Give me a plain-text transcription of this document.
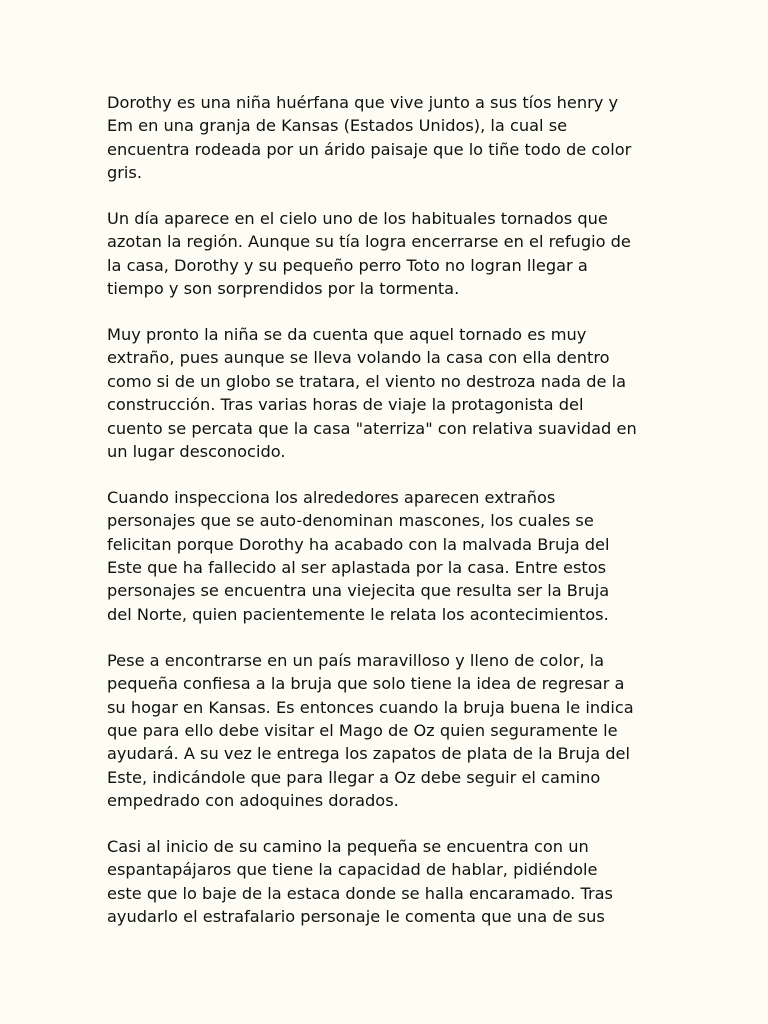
Dorothy es una niña huérfana que vive junto a sus tíos henry y
Em en una granja de Kansas (Estados Unidos), la cual se
encuentra rodeada por un árido paisaje que lo tiñe todo de color
gris.

Un día aparece en el cielo uno de los habituales tornados que
azotan la región. Aunque su tía logra encerrarse en el refugio de
la casa, Dorothy y su pequeño perro Toto no logran llegar a
tiempo y son sorprendidos por la tormenta.

Muy pronto la niña se da cuenta que aquel tornado es muy
extraño, pues aunque se lleva volando la casa con ella dentro
como si de un globo se tratara, el viento no destroza nada de la
construcción. Tras varias horas de viaje la protagonista del
cuento se percata que la casa "aterriza" con relativa suavidad en
un lugar desconocido.

Cuando inspecciona los alrededores aparecen extraños
personajes que se auto-denominan mascones, los cuales se
felicitan porque Dorothy ha acabado con la malvada Bruja del
Este que ha fallecido al ser aplastada por la casa. Entre estos
personajes se encuentra una viejecita que resulta ser la Bruja
del Norte, quien pacientemente le relata los acontecimientos.

Pese a encontrarse en un país maravilloso y lleno de color, la
pequeña confiesa a la bruja que solo tiene la idea de regresar a
su hogar en Kansas. Es entonces cuando la bruja buena le indica
que para ello debe visitar el Mago de Oz quien seguramente le
ayudará. A su vez le entrega los zapatos de plata de la Bruja del
Este, indicándole que para llegar a Oz debe seguir el camino
empedrado con adoquines dorados.

Casi al inicio de su camino la pequeña se encuentra con un
espantapájaros que tiene la capacidad de hablar, pidiéndole
este que lo baje de la estaca donde se halla encaramado. Tras
ayudarlo el estrafalario personaje le comenta que una de sus
